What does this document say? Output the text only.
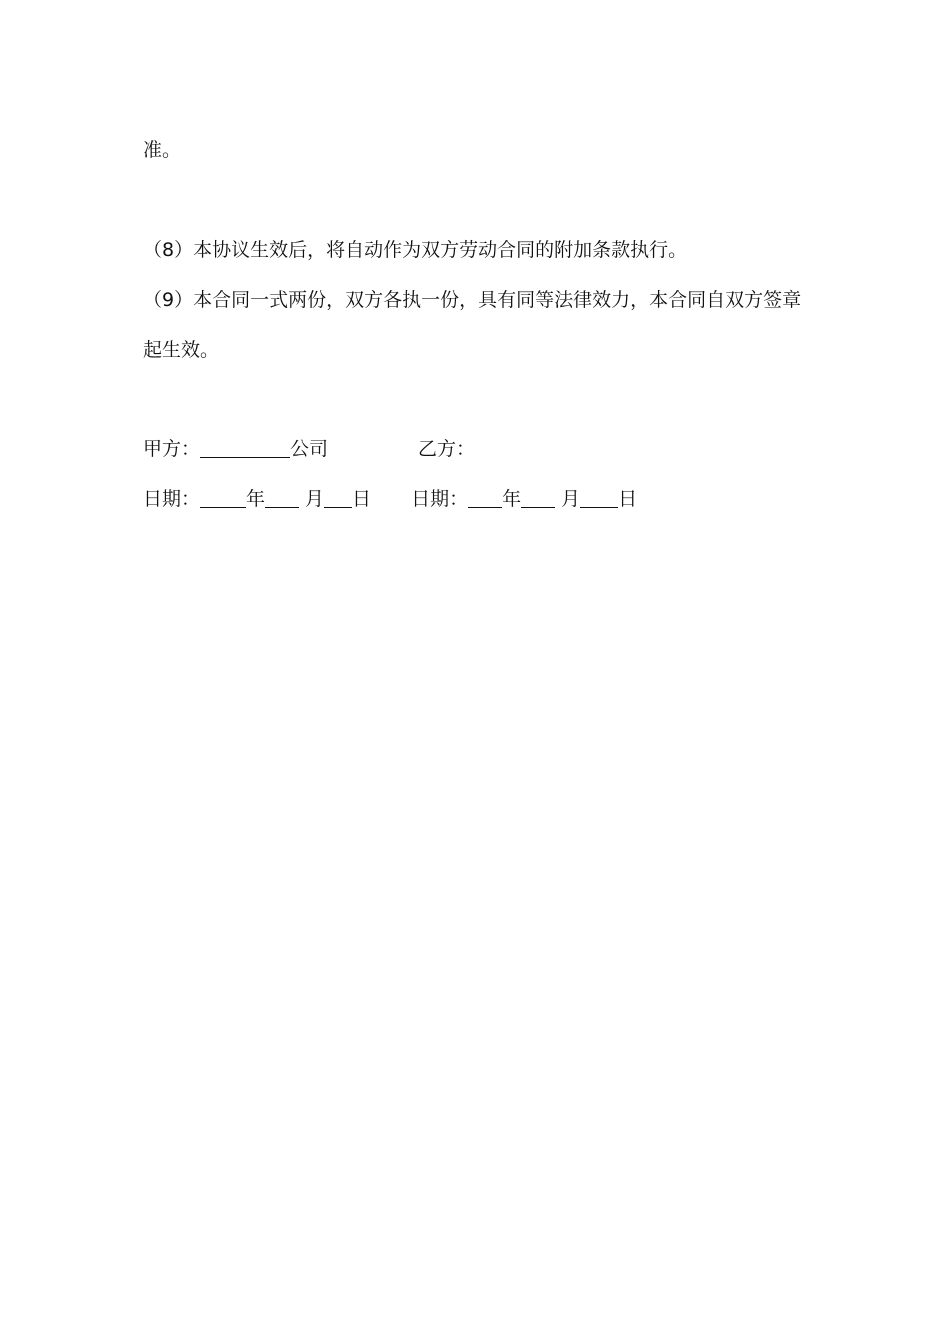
准。
（8）本协议生效后，将自动作为双方劳动合同的附加条款执行。
（9）本合同一式两份，双方各执一份，具有同等法律效力，本合同自双方签章
起生效。
甲方：	公司	乙方：
日期： 年 月 日 日期： 年 月 日
